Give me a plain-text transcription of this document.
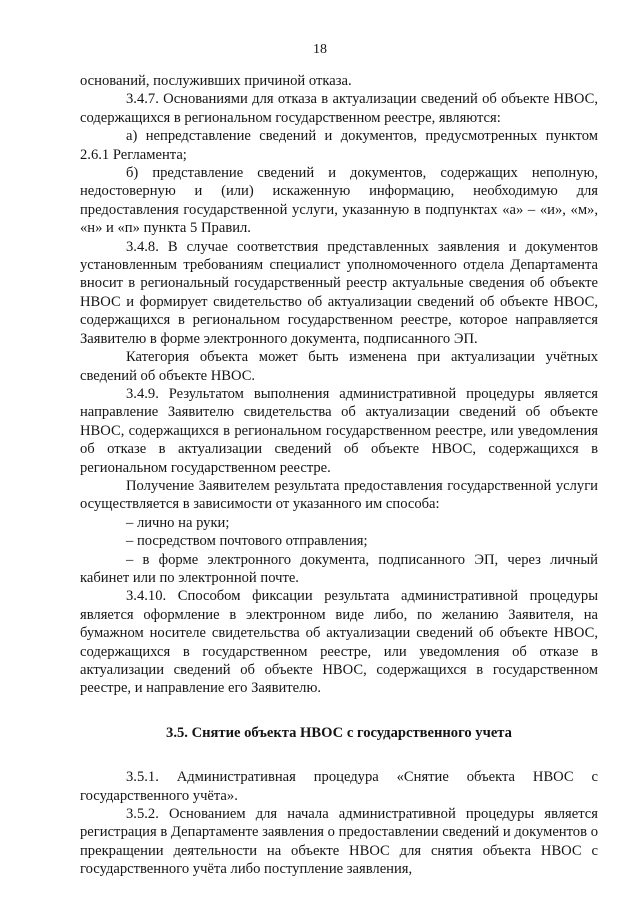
18

оснований, послуживших причиной отказа.

3.4.7. Основаниями для отказа в актуализации сведений об объекте НВОС, содержащихся в региональном государственном реестре, являются:

а) непредставление сведений и документов, предусмотренных пунктом 2.6.1 Регламента;

б) представление сведений и документов, содержащих неполную, недостоверную и (или) искаженную информацию, необходимую для предоставления государственной услуги, указанную в подпунктах «а» – «и», «м», «н» и «п» пункта 5 Правил.

3.4.8. В случае соответствия представленных заявления и документов установленным требованиям специалист уполномоченного отдела Департамента вносит в региональный государственный реестр актуальные сведения об объекте НВОС и формирует свидетельство об актуализации сведений об объекте НВОС, содержащихся в региональном государственном реестре, которое направляется Заявителю в форме электронного документа, подписанного ЭП.

Категория объекта может быть изменена при актуализации учётных сведений об объекте НВОС.

3.4.9. Результатом выполнения административной процедуры является направление Заявителю свидетельства об актуализации сведений об объекте НВОС, содержащихся в региональном государственном реестре, или уведомления об отказе в актуализации сведений об объекте НВОС, содержащихся в региональном государственном реестре.

Получение Заявителем результата предоставления государственной услуги осуществляется в зависимости от указанного им способа:

– лично на руки;

– посредством почтового отправления;

– в форме электронного документа, подписанного ЭП, через личный кабинет или по электронной почте.

3.4.10. Способом фиксации результата административной процедуры является оформление в электронном виде либо, по желанию Заявителя, на бумажном носителе свидетельства об актуализации сведений об объекте НВОС, содержащихся в государственном реестре, или уведомления об отказе в актуализации сведений об объекте НВОС, содержащихся в государственном реестре, и направление его Заявителю.

3.5. Снятие объекта НВОС с государственного учета

3.5.1. Административная процедура «Снятие объекта НВОС с государственного учёта».

3.5.2. Основанием для начала административной процедуры является регистрация в Департаменте заявления о предоставлении сведений и документов о прекращении деятельности на объекте НВОС для снятия объекта НВОС с государственного учёта либо поступление заявления,
